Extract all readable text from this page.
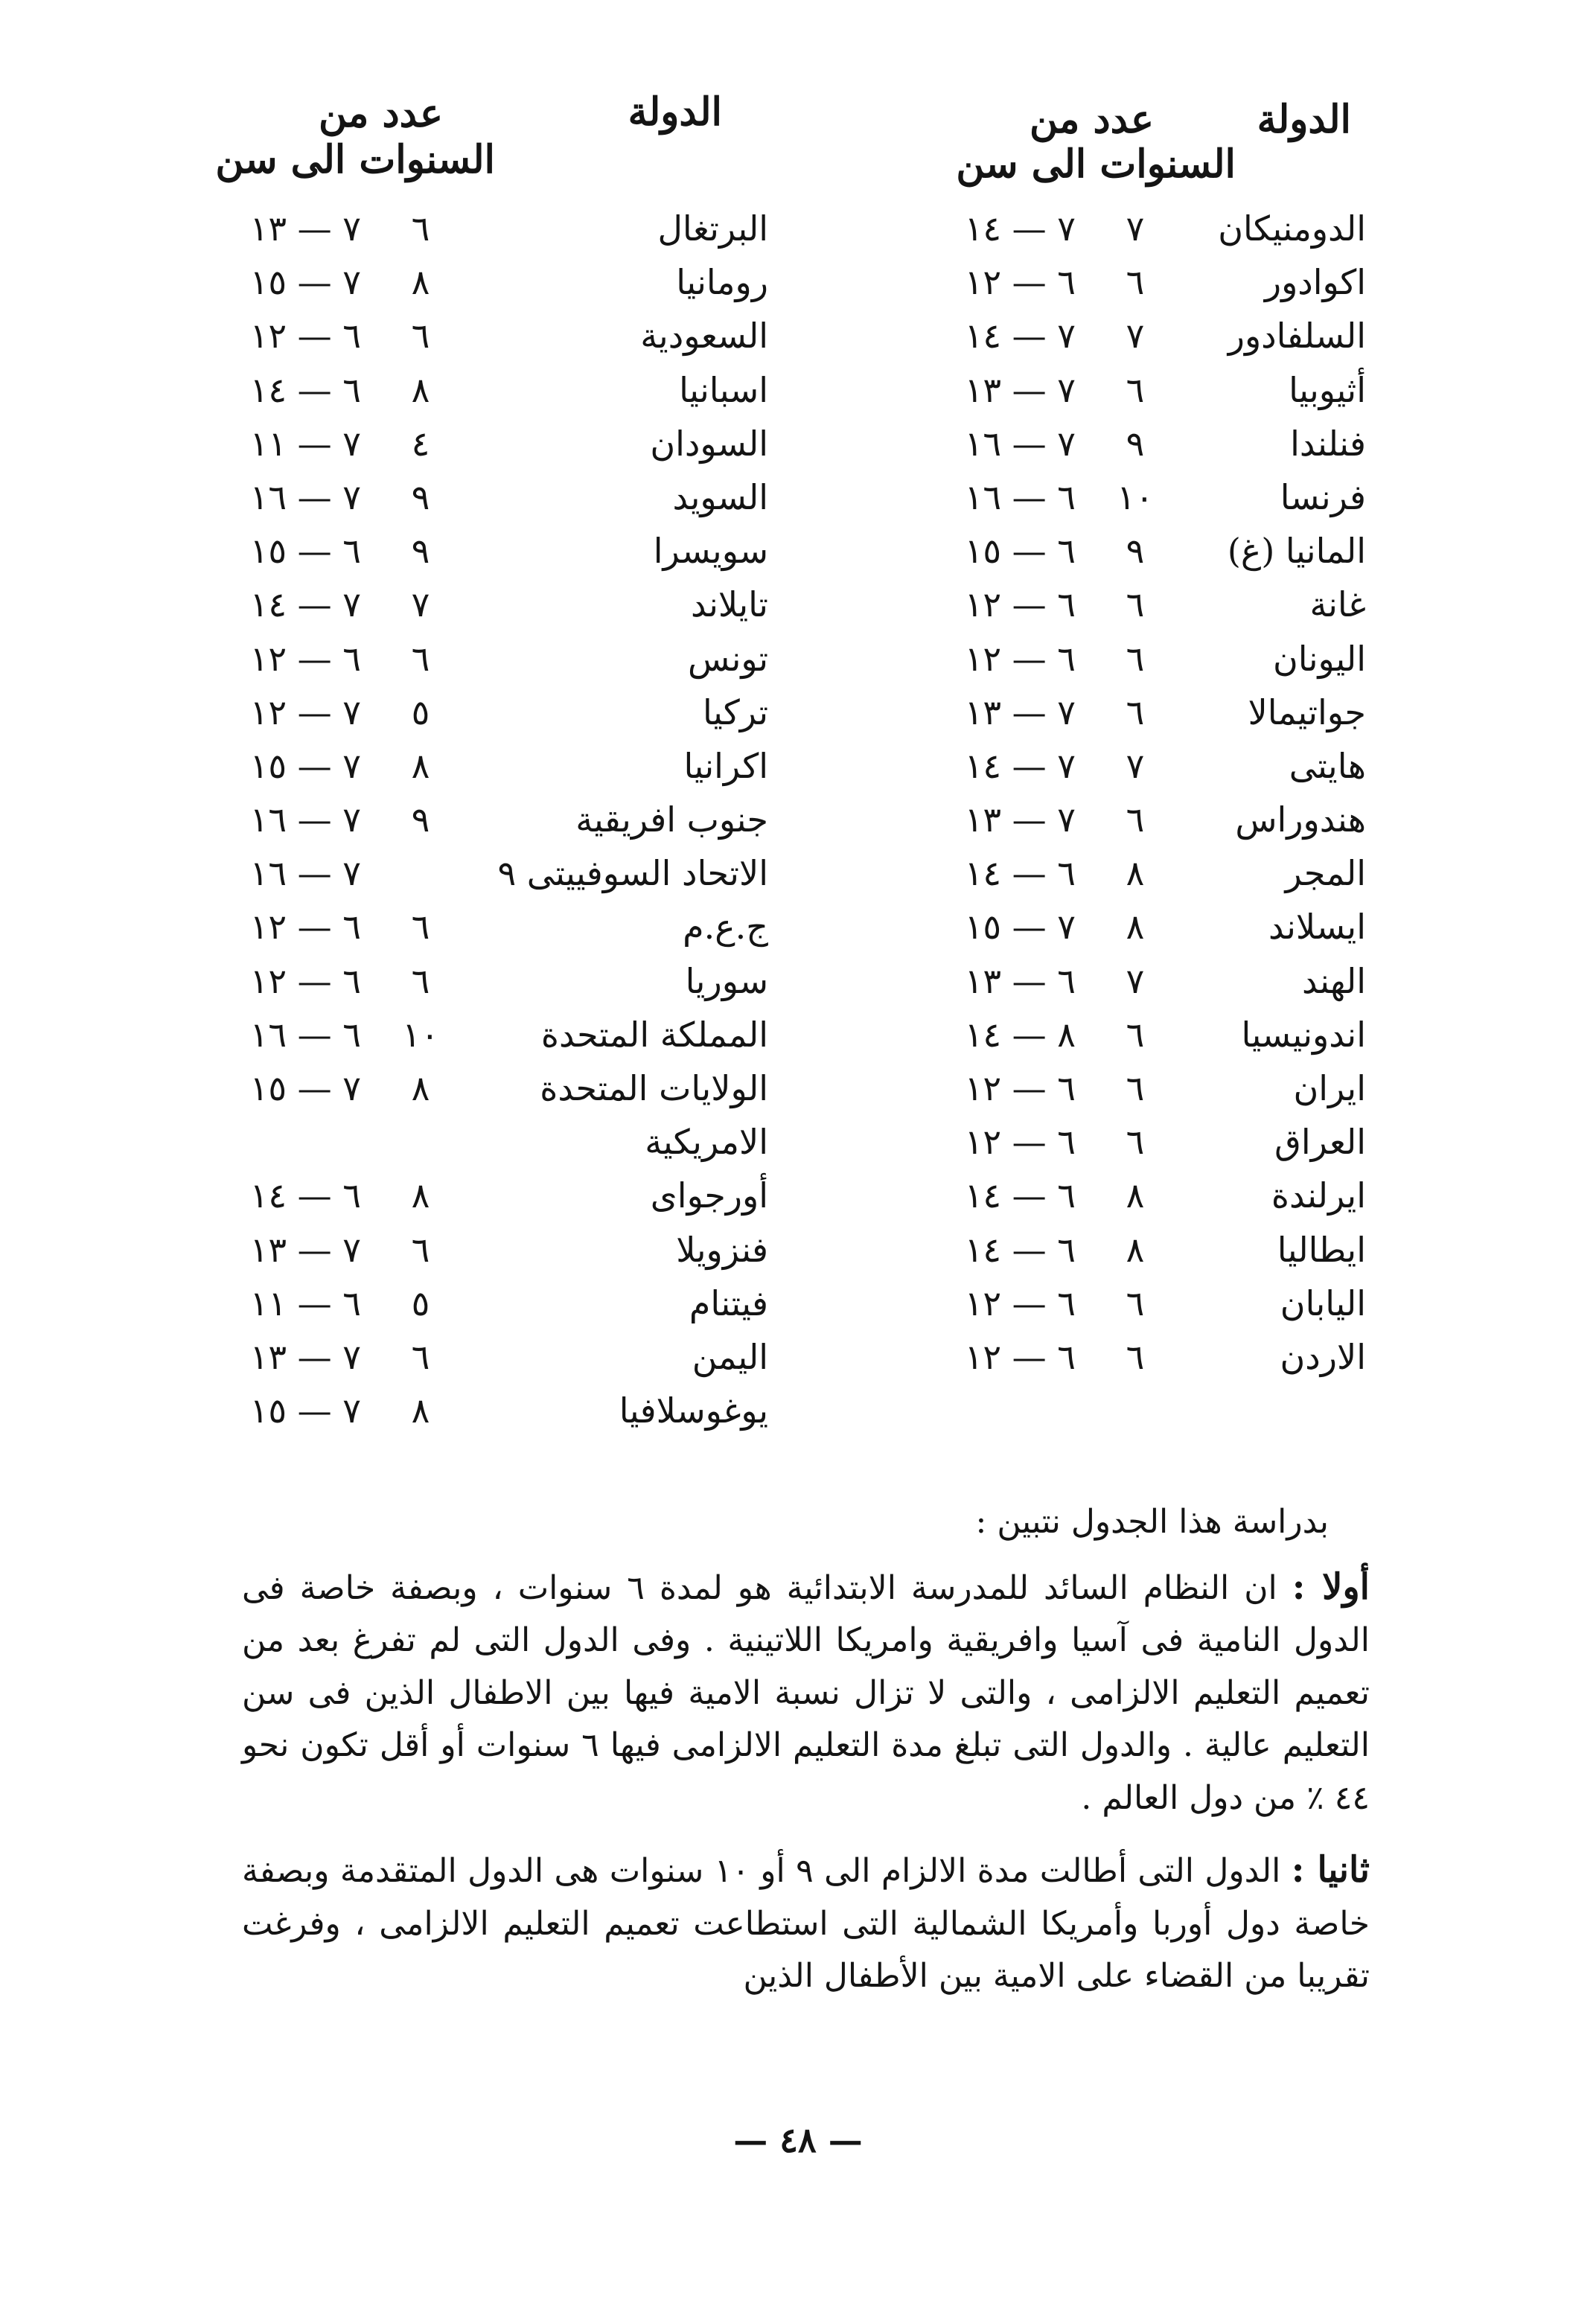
الدولة
عدد من
السنوات الى سن
الدومنيكان
٧
٧ — ١٤
اكوادور
٦
٦ — ١٢
السلفادور
٧
٧ — ١٤
أثيوبيا
٦
٧ — ١٣
فنلندا
٩
٧ — ١٦
فرنسا
١٠
٦ — ١٦
المانيا (غ)
٩
٦ — ١٥
غانة
٦
٦ — ١٢
اليونان
٦
٦ — ١٢
جواتيمالا
٦
٧ — ١٣
هايتى
٧
٧ — ١٤
هندوراس
٦
٧ — ١٣
المجر
٨
٦ — ١٤
ايسلاند
٨
٧ — ١٥
الهند
٧
٦ — ١٣
اندونيسيا
٦
٨ — ١٤
ايران
٦
٦ — ١٢
العراق
٦
٦ — ١٢
ايرلندة
٨
٦ — ١٤
ايطاليا
٨
٦ — ١٤
اليابان
٦
٦ — ١٢
الاردن
٦
٦ — ١٢
الدولة
عدد من
السنوات الى سن
البرتغال
٦
٧ — ١٣
رومانيا
٨
٧ — ١٥
السعودية
٦
٦ — ١٢
اسبانيا
٨
٦ — ١٤
السودان
٤
٧ — ١١
السويد
٩
٧ — ١٦
سويسرا
٩
٦ — ١٥
تايلاند
٧
٧ — ١٤
تونس
٦
٦ — ١٢
تركيا
٥
٧ — ١٢
اكرانيا
٨
٧ — ١٥
جنوب افريقية
٩
٧ — ١٦
الاتحاد السوفييتى ٩
٧ — ١٦
ج.ع.م
٦
٦ — ١٢
سوريا
٦
٦ — ١٢
المملكة المتحدة
١٠
٦ — ١٦
الولايات المتحدة
٨
٧ — ١٥
الامريكية
أورجواى
٨
٦ — ١٤
فنزويلا
٦
٧ — ١٣
فيتنام
٥
٦ — ١١
اليمن
٦
٧ — ١٣
يوغوسلافيا
٨
٧ — ١٥

بدراسة هذا الجدول نتبين :

أولا : ان النظام السائد للمدرسة الابتدائية هو لمدة ٦ سنوات ، وبصفة خاصة فى الدول النامية فى آسيا وافريقية وامريكا اللاتينية . وفى الدول التى لم تفرغ بعد من تعميم التعليم الالزامى ، والتى لا تزال نسبة الامية فيها بين الاطفال الذين فى سن التعليم عالية . والدول التى تبلغ مدة التعليم الالزامى فيها ٦ سنوات أو أقل تكون نحو ٤٤ ٪ من دول العالم .

ثانيا : الدول التى أطالت مدة الالزام الى ٩ أو ١٠ سنوات هى الدول المتقدمة وبصفة خاصة دول أوربا وأمريكا الشمالية التى استطاعت تعميم التعليم الالزامى ، وفرغت تقريبا من القضاء على الامية بين الأطفال الذين

— ٤٨ —
